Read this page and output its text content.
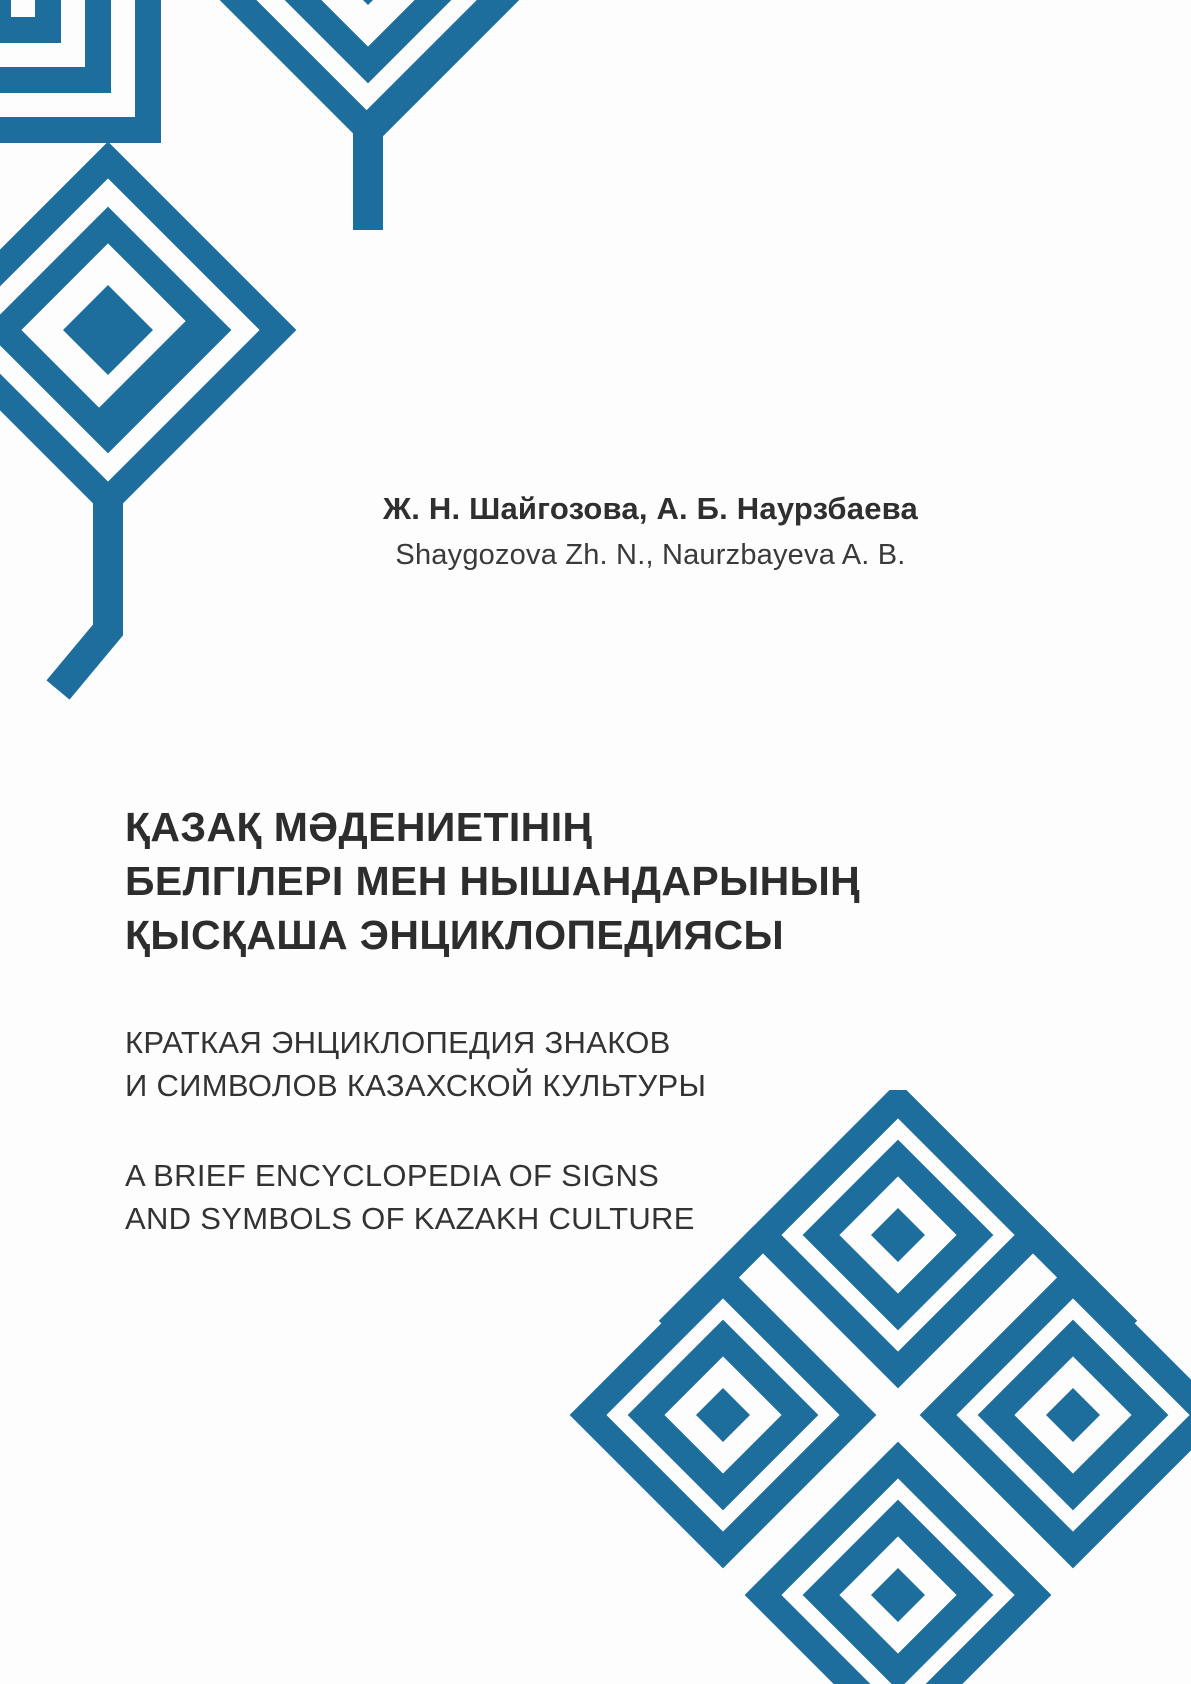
Ж. Н. Шайгозова, А. Б. Наурзбаева
Shaygozova Zh. N., Naurzbayeva A. B.
ҚАЗАҚ МӘДЕНИЕТІНІҢ
БЕЛГІЛЕРІ МЕН НЫШАНДАРЫНЫҢ
ҚЫСҚАША ЭНЦИКЛОПЕДИЯСЫ
КРАТКАЯ ЭНЦИКЛОПЕДИЯ ЗНАКОВ
И СИМВОЛОВ КАЗАХСКОЙ КУЛЬТУРЫ
A BRIEF ENCYCLOPEDIA OF SIGNS
AND SYMBOLS OF KAZAKH CULTURE
